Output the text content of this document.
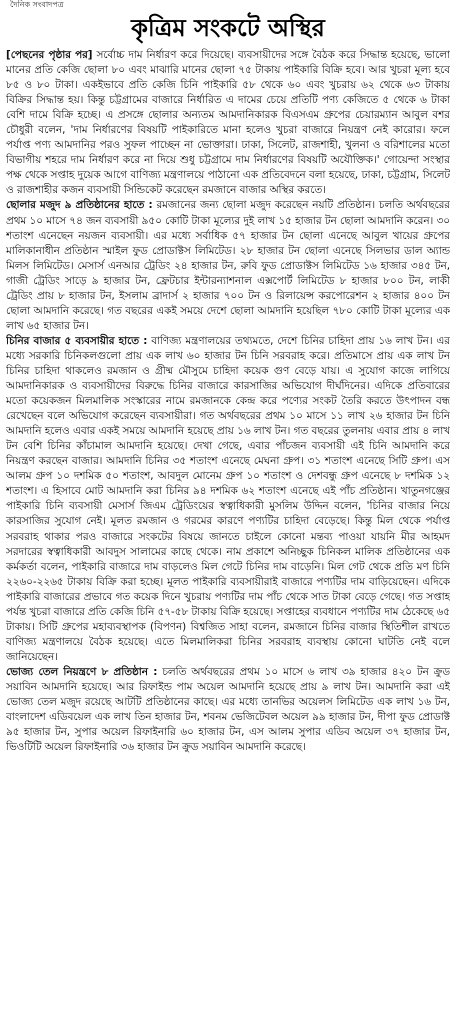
দৈনিক সংবাদপত্র
কৃত্রিম সংকটে অস্থির

[পেছনের পৃষ্ঠার পর] সর্বোচ্চ দাম নির্ধারণ করে দিয়েছে। ব্যবসায়ীদের সঙ্গে বৈঠক করে সিদ্ধান্ত হয়েছে, ভালো মানের প্রতি কেজি ছোলা ৮০ এবং মাঝারি মানের ছোলা ৭৫ টাকায় পাইকারি বিক্রি হবে। আর খুচরা মূল্য হবে ৮৫ ও ৮০ টাকা। একইভাবে প্রতি কেজি চিনি পাইকারি ৫৮ থেকে ৬০ এবং খুচরায় ৬২ থেকে ৬৩ টাকায় বিক্রির সিদ্ধান্ত হয়। কিন্তু চট্টগ্রামের বাজারে নির্ধারিত এ দামের চেয়ে প্রতিটি পণ্য কেজিতে ৫ থেকে ৬ টাকা বেশি দামে বিক্রি হচ্ছে। এ প্রসঙ্গে ছোলার অন্যতম আমদানিকারক বিএসএম গ্রুপের চেয়ারম্যান আবুল বশর চৌধুরী বলেন, 'দাম নির্ধারণের বিষয়টি পাইকারিতে মানা হলেও খুচরা বাজারে নিয়ন্ত্রণ নেই কারোর। ফলে পর্যাপ্ত পণ্য আমদানির পরও সুফল পাচ্ছেন না ভোক্তারা। ঢাকা, সিলেট, রাজশাহী, খুলনা ও বরিশালের মতো বিভাগীয় শহরে দাম নির্ধারণ করে না দিয়ে শুধু চট্টগ্রামে দাম নির্ধারণের বিষয়টি অযৌক্তিক।' গোয়েন্দা সংস্থার পক্ষ থেকে সপ্তাহ দুয়েক আগে বাণিজ্য মন্ত্রণালয়ে পাঠানো এক প্রতিবেদনে বলা হয়েছে, ঢাকা, চট্টগ্রাম, সিলেট ও রাজশাহীর কজন ব্যবসায়ী সিন্ডিকেট করেছেন রমজানে বাজার অস্থির করতে।

ছোলার মজুদ ৯ প্রতিষ্ঠানের হাতে : রমজানের জন্য ছোলা মজুদ করেছেন নয়টি প্রতিষ্ঠান। চলতি অর্থবছরের প্রথম ১০ মাসে ৭৪ জন ব্যবসায়ী ৯৫০ কোটি টাকা মূল্যের দুই লাখ ১৫ হাজার টন ছোলা আমদানি করেন। ৩০ শতাংশ এনেছেন নয়জন ব্যবসায়ী। এর মধ্যে সর্বাধিক ৫৭ হাজার টন ছোলা এনেছে আবুল খায়ের গ্রুপের মালিকানাধীন প্রতিষ্ঠান স্মাইল ফুড প্রোডাক্টস লিমিটেড। ২৮ হাজার টন ছোলা এনেছে সিলভার ডাল অ্যান্ড মিলস লিমিটেড। মেসার্স এনআর ট্রেডিং ২৪ হাজার টন, রুবি ফুড প্রোডাক্টস লিমিটেড ১৬ হাজার ৩৪৫ টন, গাজী ট্রেডিং সাড়ে ৯ হাজার টন, ফ্রেটচার ইন্টারন্যাশনাল এক্সপোর্ট লিমিটেড ৮ হাজার ৮০০ টন, লাকী ট্রেডিং প্রায় ৮ হাজার টন, ইসলাম ব্রাদার্স ২ হাজার ৭০০ টন ও রিলায়েন্স করপোরেশন ২ হাজার ৪০০ টন ছোলা আমদানি করেছে। গত বছরের একই সময়ে দেশে ছোলা আমদানি হয়েছিল ৭৮০ কোটি টাকা মূল্যের এক লাখ ৬৫ হাজার টন।

চিনির বাজার ৫ ব্যবসায়ীর হাতে : বাণিজ্য মন্ত্রণালয়ের তথ্যমতে, দেশে চিনির চাহিদা প্রায় ১৬ লাখ টন। এর মধ্যে সরকারি চিনিকলগুলো প্রায় এক লাখ ৬০ হাজার টন চিনি সরবরাহ করে। প্রতিমাসে প্রায় এক লাখ টন চিনির চাহিদা থাকলেও রমজান ও গ্রীষ্ম মৌসুমে চাহিদা কয়েক গুণ বেড়ে যায়। এ সুযোগ কাজে লাগিয়ে আমদানিকারক ও ব্যবসায়ীদের বিরুদ্ধে চিনির বাজারে কারসাজির অভিযোগ দীর্ঘদিনের। এদিকে প্রতিবারের মতো কয়েকজন মিলমালিক সংস্কারের নামে রমজানকে কেন্দ্র করে পণ্যের সংকট তৈরি করতে উৎপাদন বন্ধ রেখেছেন বলে অভিযোগ করেছেন ব্যবসায়ীরা। গত অর্থবছরের প্রথম ১০ মাসে ১১ লাখ ২৬ হাজার টন চিনি আমদানি হলেও এবার একই সময়ে আমদানি হয়েছে প্রায় ১৬ লাখ টন। গত বছরের তুলনায় এবার প্রায় ৪ লাখ টন বেশি চিনির কাঁচামাল আমদানি হয়েছে। দেখা গেছে, এবার পাঁচজন ব্যবসায়ী এই চিনি আমদানি করে নিয়ন্ত্রণ করছেন বাজার। আমদানি চিনির ৩৫ শতাংশ এনেছে মেঘনা গ্রুপ। ৩১ শতাংশ এনেছে সিটি গ্রুপ। এস আলম গ্রুপ ১০ দশমিক ৫০ শতাংশ, আবদুল মোনেম গ্রুপ ১০ শতাংশ ও দেশবন্ধু গ্রুপ এনেছে ৮ দশমিক ১২ শতাংশ। এ হিসাবে মোট আমদানি করা চিনির ৯৪ দশমিক ৬২ শতাংশ এনেছে এই পাঁচ প্রতিষ্ঠান। খাতুনগঞ্জের পাইকারি চিনি ব্যবসায়ী মেসার্স জিএম ট্রেডিংয়ের স্বত্বাধিকারী মুসলিম উদ্দিন বলেন, 'চিনির বাজার নিয়ে কারসাজির সুযোগ নেই। মূলত রমজান ও গরমের কারণে পণ্যটির চাহিদা বেড়েছে। কিন্তু মিল থেকে পর্যাপ্ত সরবরাহ থাকার পরও বাজারে সংকটের বিষয়ে জানতে চাইলে কোনো মন্তব্য পাওয়া যায়নি মীর আহমদ সরদারের স্বত্বাধিকারী আবদুস সালামের কাছে থেকে। নাম প্রকাশে অনিচ্ছুক চিনিকল মালিক প্রতিষ্ঠানের এক কর্মকর্তা বলেন, পাইকারি বাজারে দাম বাড়লেও মিল গেটে চিনির দাম বাড়েনি। মিল গেট থেকে প্রতি মণ চিনি ২২৬০-২২৬৫ টাকায় বিক্রি করা হচ্ছে। মূলত পাইকারি ব্যবসায়ীরাই বাজারে পণ্যটির দাম বাড়িয়েছেন। এদিকে পাইকারি বাজারের প্রভাবে গত কয়েক দিনে খুচরায় পণ্যটির দাম পাঁচ থেকে সাত টাকা বেড়ে গেছে। গত সপ্তাহ পর্যন্ত খুচরা বাজারে প্রতি কেজি চিনি ৫৭-৫৮ টাকায় বিক্রি হয়েছে। সপ্তাহের ব্যবধানে পণ্যটির দাম ঠেকেছে ৬৫ টাকায়। সিটি গ্রুপের মহাব্যবস্থাপক (বিপণন) বিশ্বজিত সাহা বলেন, রমজানে চিনির বাজার স্থিতিশীল রাখতে বাণিজ্য মন্ত্রণালয়ে বৈঠক হয়েছে। এতে মিলমালিকরা চিনির সরবরাহ ব্যবস্থায় কোনো ঘাটতি নেই বলে জানিয়েছেন।

ভোজ্য তেল নিয়ন্ত্রণে ৮ প্রতিষ্ঠান : চলতি অর্থবছরের প্রথম ১০ মাসে ৬ লাখ ৩৯ হাজার ৪২০ টন ক্রুড সয়াবিন আমদানি হয়েছে। আর রিফাইন্ড পাম অয়েল আমদানি হয়েছে প্রায় ৯ লাখ টন। আমদানি করা এই ভোজ্য তেল মজুদ রয়েছে আটটি প্রতিষ্ঠানের কাছে। এর মধ্যে তানভির অয়েলস লিমিটেড এক লাখ ১৬ টন, বাংলাদেশ এডিবয়েল এক লাখ তিন হাজার টন, শবনম ভেজিটেবল অয়েল ৯৯ হাজার টন, দীপা ফুড প্রোডাক্ট ৯৫ হাজার টন, সুপার অয়েল রিফাইনারি ৬০ হাজার টন, এস আলম সুপার এডিব অয়েল ৩৭ হাজার টন, ভিওটিটি অয়েল রিফাইনারি ৩৬ হাজার টন ক্রুড সয়াবিন আমদানি করেছে।
